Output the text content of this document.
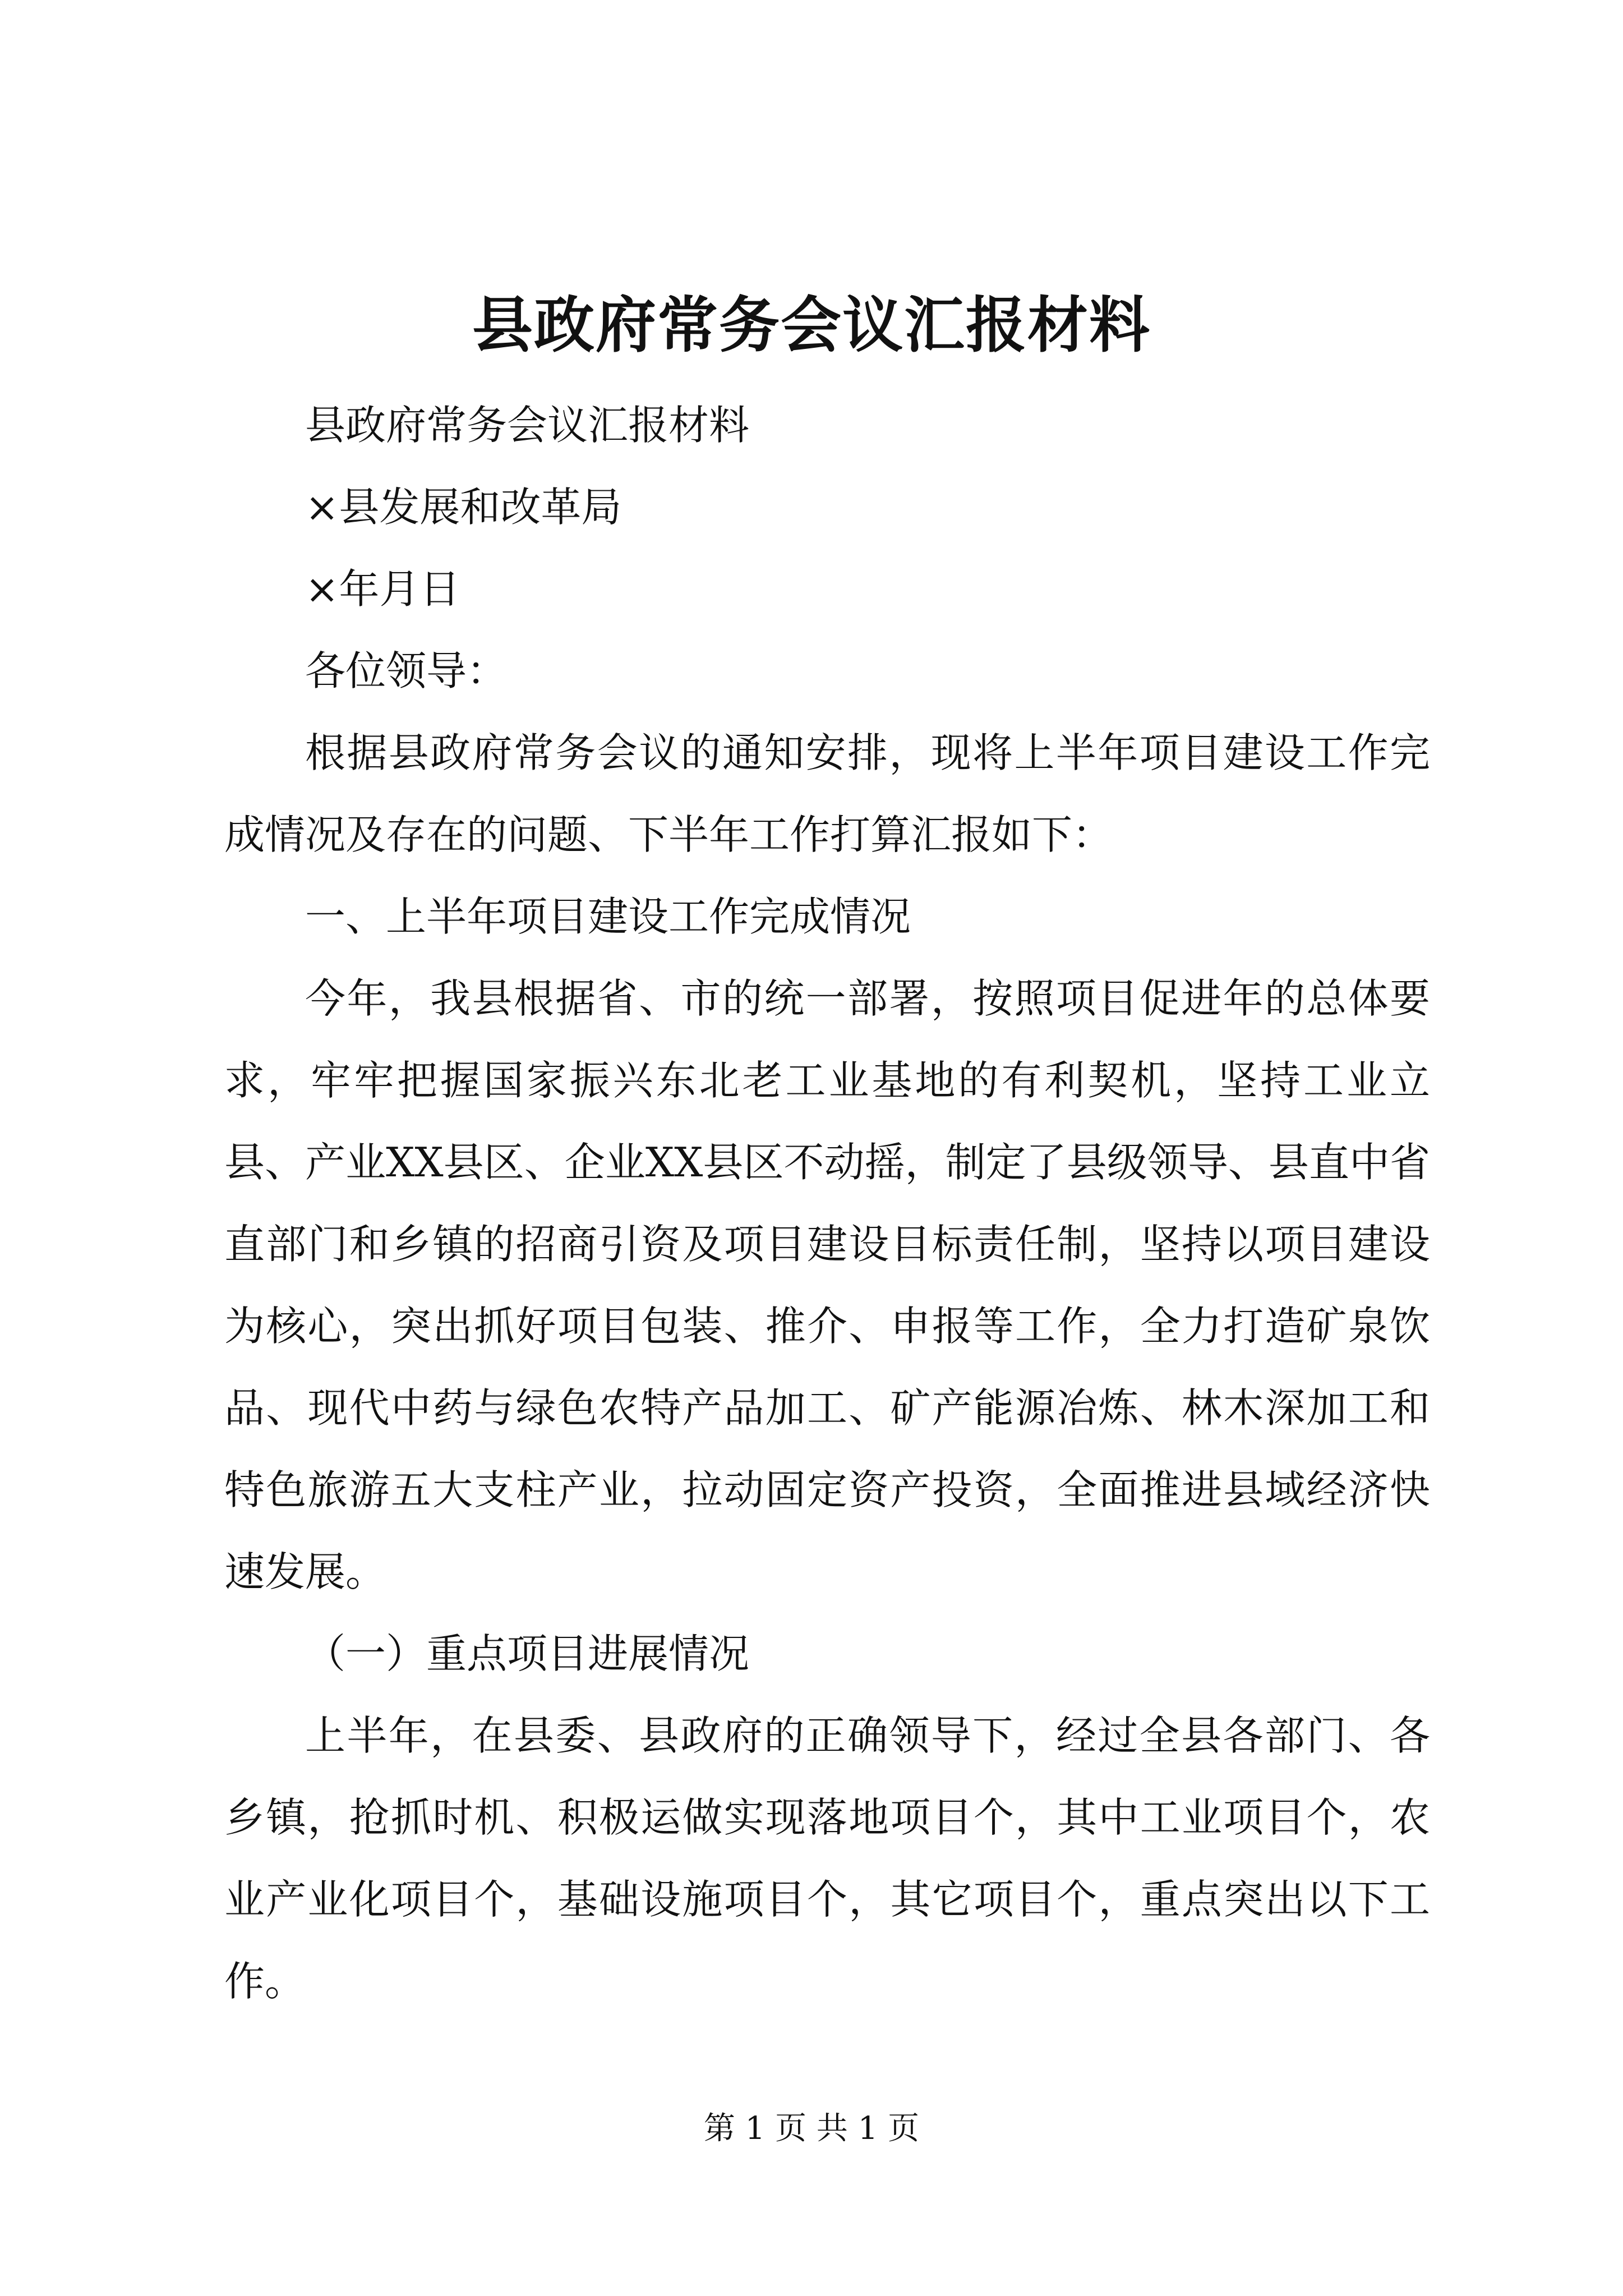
县政府常务会议汇报材料

县政府常务会议汇报材料

×县发展和改革局

×年月日

各位领导：

根据县政府常务会议的通知安排，现将上半年项目建设工作完成情况及存在的问题、下半年工作打算汇报如下：

一、上半年项目建设工作完成情况

今年，我县根据省、市的统一部署，按照项目促进年的总体要求，牢牢把握国家振兴东北老工业基地的有利契机，坚持工业立县、产业XX县区、企业XX县区不动摇，制定了县级领导、县直中省直部门和乡镇的招商引资及项目建设目标责任制，坚持以项目建设为核心，突出抓好项目包装、推介、申报等工作，全力打造矿泉饮品、现代中药与绿色农特产品加工、矿产能源冶炼、林木深加工和特色旅游五大支柱产业，拉动固定资产投资，全面推进县域经济快速发展。

（一）重点项目进展情况

上半年，在县委、县政府的正确领导下，经过全县各部门、各乡镇，抢抓时机、积极运做实现落地项目个，其中工业项目个，农业产业化项目个，基础设施项目个，其它项目个，重点突出以下工作。

第 1 页 共 1 页
